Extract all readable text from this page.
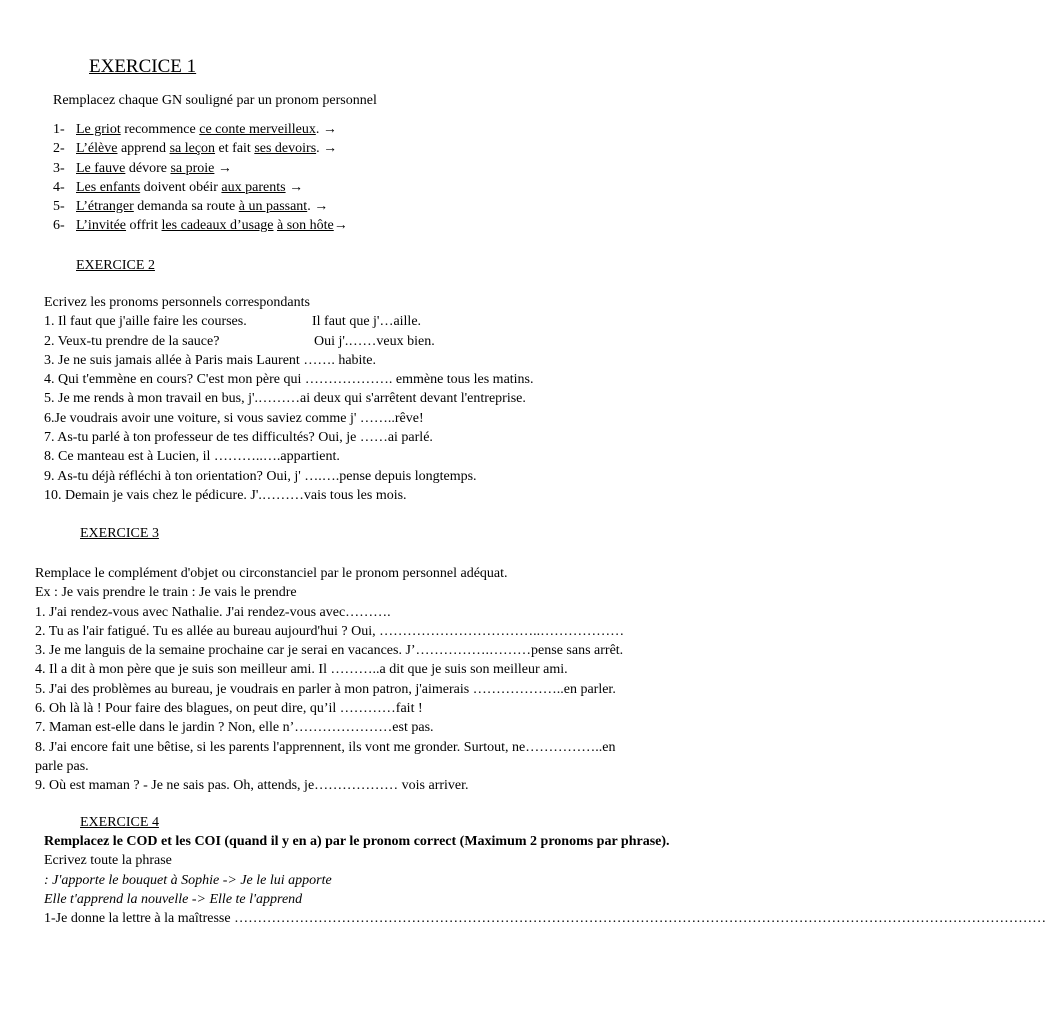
EXERCICE 1
Remplacez chaque GN souligné par un pronom personnel
1- Le griot recommence ce conte merveilleux. →
2- L’élève apprend sa leçon et fait ses devoirs. →
3- Le fauve dévore sa proie →
4- Les enfants doivent obéir aux parents →
5- L’étranger demanda sa route à un passant. →
6- L’invitée offrit les cadeaux d’usage à son hôte→
EXERCICE 2
Ecrivez les pronoms personnels correspondants
1. Il faut que j'aille faire les courses.	Il faut que j'…aille.
2. Veux-tu prendre de la sauce?	Oui j'.……veux bien.
3. Je ne suis jamais allée à Paris mais Laurent ……. habite.
4. Qui t'emmène en cours? C'est mon père qui ………………. emmène tous les matins.
5. Je me rends à mon travail en bus, j'.………ai deux qui s'arrêtent devant l'entreprise.
6.Je voudrais avoir une voiture, si vous saviez comme j' ……..rêve!
7. As-tu parlé à ton professeur de tes difficultés? Oui, je ……ai parlé.
8. Ce manteau est à Lucien, il ………..….appartient.
9. As-tu déjà réfléchi à ton orientation? Oui, j' ….….pense depuis longtemps.
10. Demain je vais chez le pédicure. J'.………vais tous les mois.
EXERCICE 3
Remplace le complément d'objet ou circonstanciel par le pronom personnel adéquat.
Ex : Je vais prendre le train : Je vais le prendre
1. J'ai rendez-vous avec Nathalie. J'ai rendez-vous avec……….
2. Tu as l'air fatigué. Tu es allée au bureau aujourd'hui ? Oui, ……………………………..………………
3. Je me languis de la semaine prochaine car je serai en vacances. J’…………….………pense sans arrêt.
4. Il a dit à mon père que je suis son meilleur ami. Il ………..a dit que je suis son meilleur ami.
5. J'ai des problèmes au bureau, je voudrais en parler à mon patron, j'aimerais ………………..en parler.
6. Oh là là ! Pour faire des blagues, on peut dire, qu’il …………fait !
7. Maman est-elle dans le jardin ? Non, elle n’…………………est pas.
8. J'ai encore fait une bêtise, si les parents l'apprennent, ils vont me gronder. Surtout, ne……………..en
parle pas.
9. Où est maman ? - Je ne sais pas. Oh, attends, je……………… vois arriver.
EXERCICE 4
Remplacez le COD et les COI (quand il y en a) par le pronom correct (Maximum 2 pronoms par phrase).
Ecrivez toute la phrase
: J'apporte le bouquet à Sophie -> Je le lui apporte
Elle t'apprend la nouvelle -> Elle te l'apprend
1-Je donne la lettre à la maîtresse …………………………………………………………………………………………………………………………………………………………
